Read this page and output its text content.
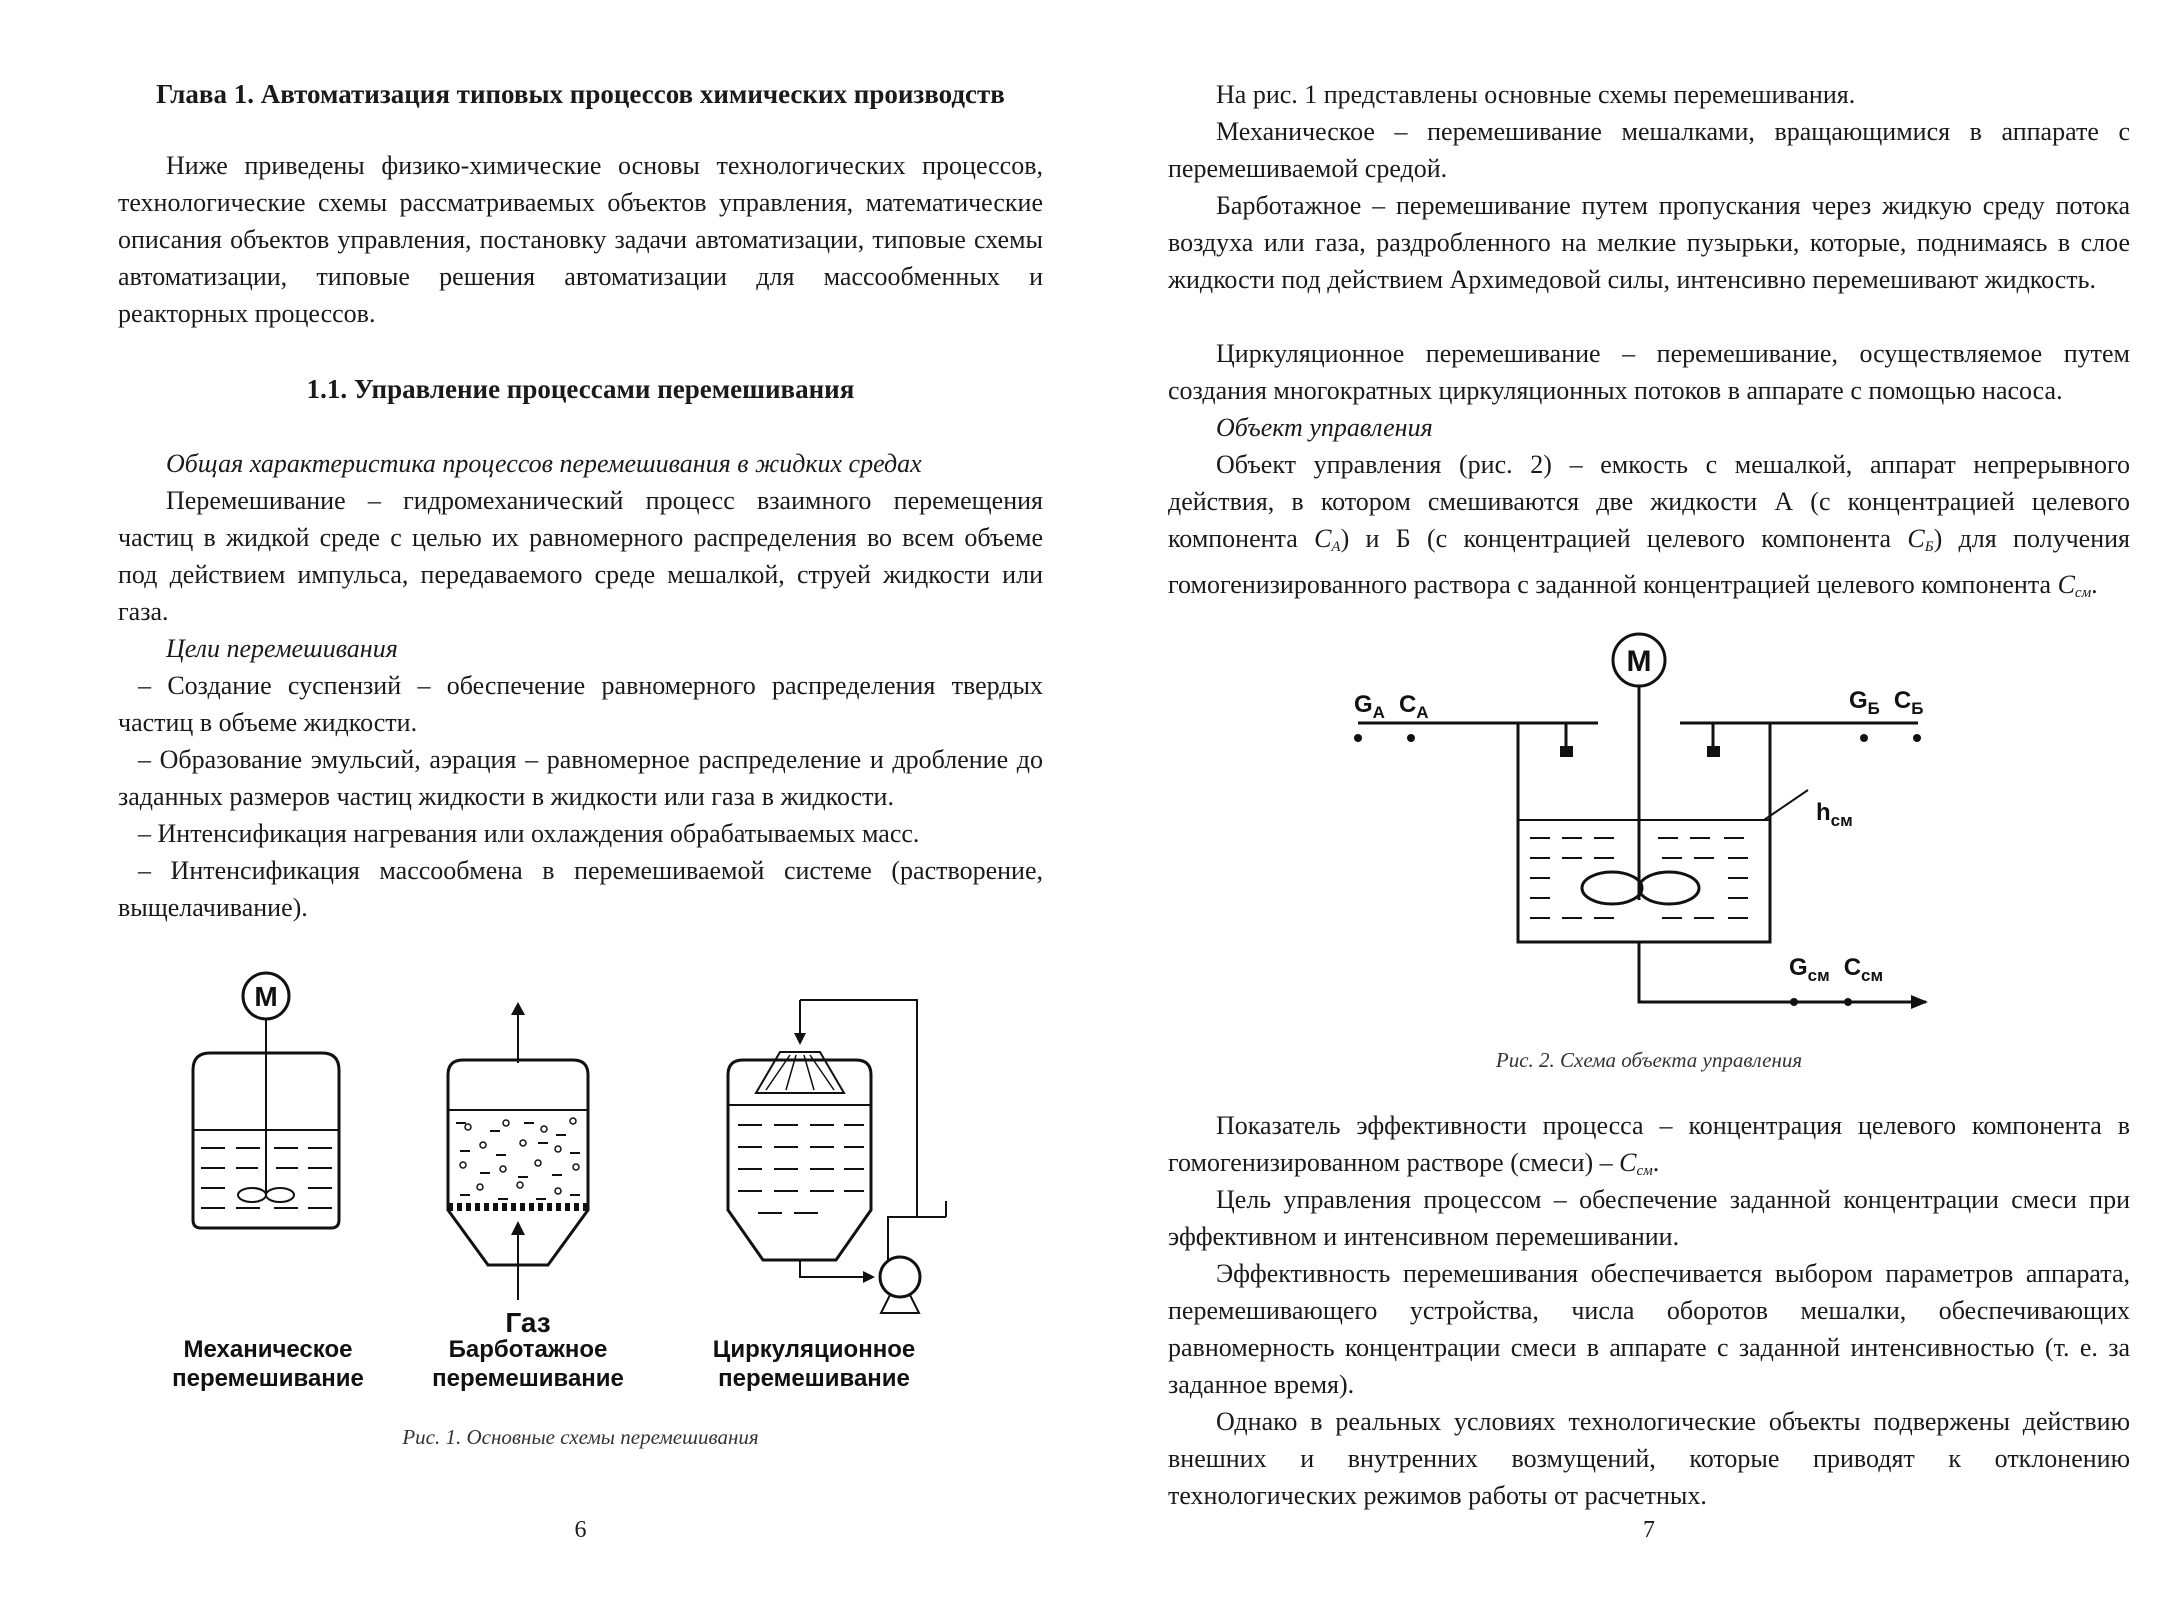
Глава 1. Автоматизация типовых процессов химических производств
Ниже приведены физико-химические основы технологических процессов, технологические схемы рассматриваемых объектов управления, математические описания объектов управления, постановку задачи автоматизации, типовые схемы автоматизации, типовые решения автоматизации для массообменных и реакторных процессов.
1.1. Управление процессами перемешивания
Общая характеристика процессов перемешивания в жидких средах
Перемешивание – гидромеханический процесс взаимного перемещения частиц в жидкой среде с целью их равномерного распределения во всем объеме под действием импульса, передаваемого среде мешалкой, струей жидкости или газа.
Цели перемешивания
– Создание суспензий – обеспечение равномерного распределения твердых частиц в объеме жидкости.
– Образование эмульсий, аэрация – равномерное распределение и дробление до заданных размеров частиц жидкости в жидкости или газа в жидкости.
– Интенсификация нагревания или охлаждения обрабатываемых масс.
– Интенсификация массообмена в перемешиваемой системе (растворение, выщелачивание).
М
Газ
Механическое перемешивание
Барботажное перемешивание
Циркуляционное перемешивание
Рис. 1. Основные схемы перемешивания
6
На рис. 1 представлены основные схемы перемешивания.
Механическое – перемешивание мешалками, вращающимися в аппарате с перемешиваемой средой.
Барботажное – перемешивание путем пропускания через жидкую среду потока воздуха или газа, раздробленного на мелкие пузырьки, которые, поднимаясь в слое жидкости под действием Архимедовой силы, интенсивно перемешивают жидкость.
Циркуляционное перемешивание – перемешивание, осуществляемое путем создания многократных циркуляционных потоков в аппарате с помощью насоса.
Объект управления
Объект управления (рис. 2) – емкость с мешалкой, аппарат непрерывного действия, в котором смешиваются две жидкости А (с концентрацией целевого компонента $C_А$) и Б (с концентрацией целевого компонента $C_Б$) для получения гомогенизированного раствора с заданной концентрацией целевого компонента $C_{см}$.
М
$G_А$ $C_А$	$G_Б$ $C_Б$
$h_{см}$
$G_{см}$ $C_{см}$
Рис. 2. Схема объекта управления
Показатель эффективности процесса – концентрация целевого компонента в гомогенизированном растворе (смеси) – $C_{см}$.
Цель управления процессом – обеспечение заданной концентрации смеси при эффективном и интенсивном перемешивании.
Эффективность перемешивания обеспечивается выбором параметров аппарата, перемешивающего устройства, числа оборотов мешалки, обеспечивающих равномерность концентрации смеси в аппарате с заданной интенсивностью (т. е. за заданное время).
Однако в реальных условиях технологические объекты подвержены действию внешних и внутренних возмущений, которые приводят к отклонению технологических режимов работы от расчетных.
7
